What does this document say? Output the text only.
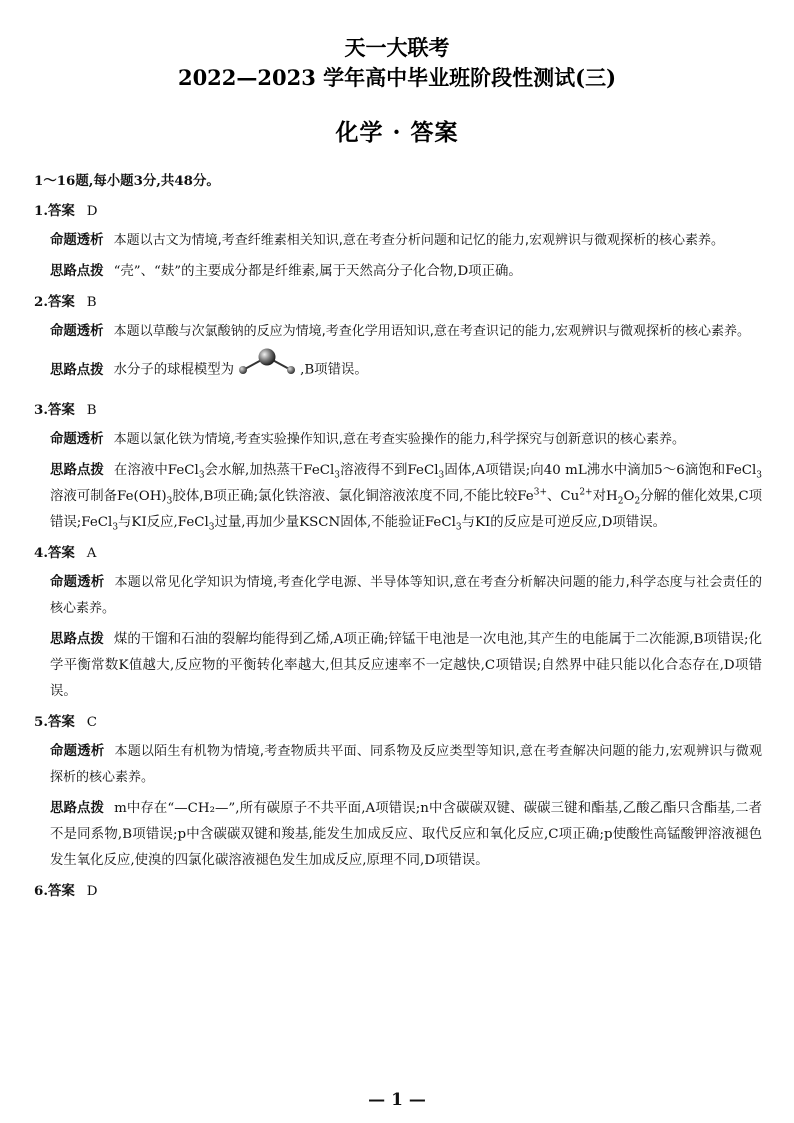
天一大联考
2022—2023 学年高中毕业班阶段性测试(三)
化学 · 答案

1～16题,每小题3分,共48分。

1.答案 D

命题透析 本题以古文为情境,考查纤维素相关知识,意在考查分析问题和记忆的能力,宏观辨识与微观探析的核心素养。

思路点拨 “壳”、“麸”的主要成分都是纤维素,属于天然高分子化合物,D项正确。

2.答案 B

命题透析 本题以草酸与次氯酸钠的反应为情境,考查化学用语知识,意在考查识记的能力,宏观辨识与微观探析的核心素养。

思路点拨 水分子的球棍模型为	,B项错误。

3.答案 B

命题透析 本题以氯化铁为情境,考查实验操作知识,意在考查实验操作的能力,科学探究与创新意识的核心素养。

思路点拨 在溶液中FeCl$_3$会水解,加热蒸干FeCl$_3$溶液得不到FeCl$_3$固体,A项错误;向40 mL沸水中滴加5～6滴饱和FeCl$_3$溶液可制备$Fe(OH)_3$胶体,B项正确;氯化铁溶液、氯化铜溶液浓度不同,不能比较$Fe^{3+}$、$Cu^{2+}$对$H_2O_2$分解的催化效果,C项错误;FeCl$_3$与KI反应,FeCl$_3$过量,再加少量KSCN固体,不能验证FeCl$_3$与KI的反应是可逆反应,D项错误。

4.答案 A

命题透析 本题以常见化学知识为情境,考查化学电源、半导体等知识,意在考查分析解决问题的能力,科学态度与社会责任的核心素养。

思路点拨 煤的干馏和石油的裂解均能得到乙烯,A项正确;锌锰干电池是一次电池,其产生的电能属于二次能源,B项错误;化学平衡常数K值越大,反应物的平衡转化率越大,但其反应速率不一定越快,C项错误;自然界中硅只能以化合态存在,D项错误。

5.答案 C

命题透析 本题以陌生有机物为情境,考查物质共平面、同系物及反应类型等知识,意在考查解决问题的能力,宏观辨识与微观探析的核心素养。

思路点拨 m中存在“—CH₂—”,所有碳原子不共平面,A项错误;n中含碳碳双键、碳碳三键和酯基,乙酸乙酯只含酯基,二者不是同系物,B项错误;p中含碳碳双键和羧基,能发生加成反应、取代反应和氧化反应,C项正确;p使酸性高锰酸钾溶液褪色发生氧化反应,使溴的四氯化碳溶液褪色发生加成反应,原理不同,D项错误。

6.答案 D

— 1 —
